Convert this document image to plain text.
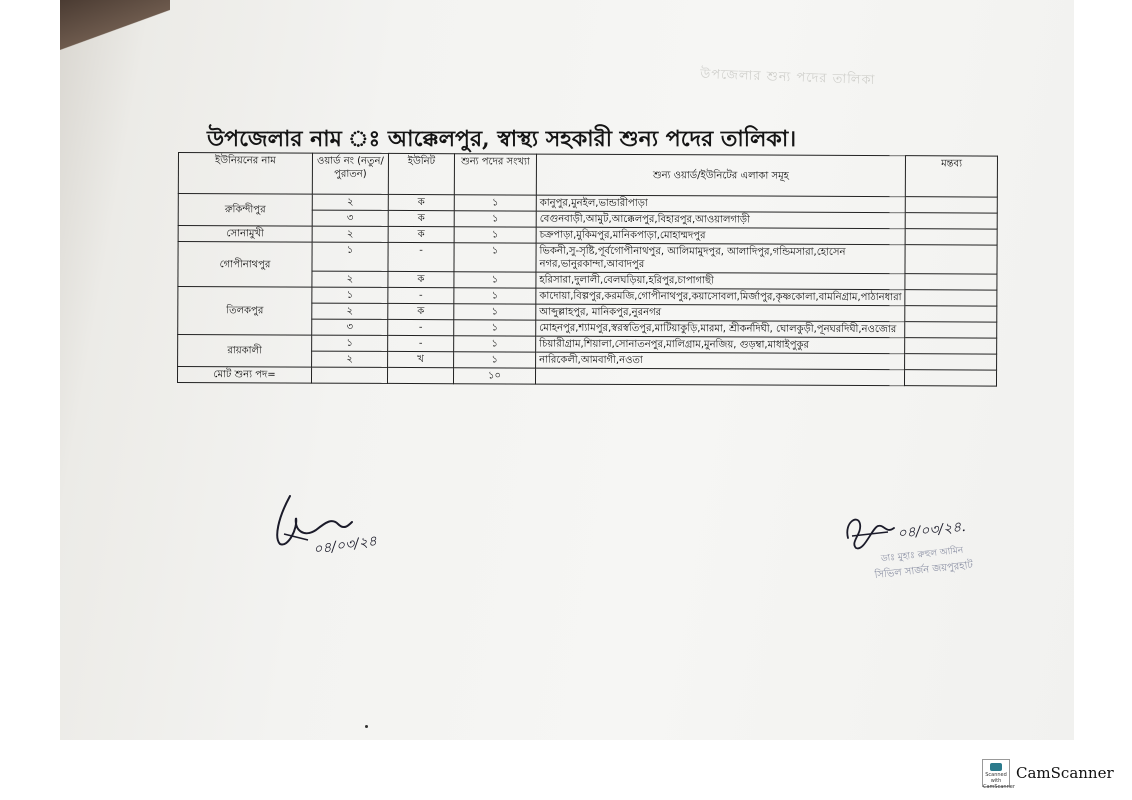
উপজেলার শুন্য পদের তালিকা
উপজেলার নাম ঃ আক্কেলপুর, স্বাস্থ্য সহকারী শুন্য পদের তালিকা।
ইউনিয়নের নাম	ওয়ার্ড নং (নতুন/পুরাতন)	ইউনিট	শুন্য পদের সংখ্যা	শুন্য ওয়ার্ড/ইউনিটের এলাকা সমূহ	মন্তব্য
রুকিন্দীপুর	২	ক	১	কানুপুর,মুনইল,ভান্ডারীপাড়া	
	৩	ক	১	বেগুনবাড়ী,আমুট,আক্কেলপুর,বিহারপুর,আওয়ালগাড়ী	
সোনামুখী	২	ক	১	চক্রপাড়া,মুকিমপুর,মানিকপাড়া,মোহাম্মদপুর	
গোপীনাথপুর	১	-	১	ভিকনী,সু-সৃষ্টি,পূর্বগোপীনাথপুর, আলিমামুদপুর, আলাদিপুর,গন্ডিমসারা,হোসেন নগর,ভানুরকান্দা,আবাদপুর	
	২	ক	১	হরিসারা,দুলালী,বেলঘড়িয়া,হরিপুর,চাপাগাছী	
তিলকপুর	১	-	১	কাদোয়া,বিল্পপুর,করমজি,গোপীনাথপুর,কয়াসোবলা,মির্জাপুর,কৃষ্ণকোলা,বামনিগ্রাম,পাঠানধারা	
	২	ক	১	আব্দুল্লাহপুর, মানিকপুর,নুরনগর	
	৩	-	১	মোহনপুর,শ্যামপুর,স্বরস্বতিপুর,মাটিয়াকুড়ি,মারমা, শ্রীকর্নদিঘী, ঘোলকুড়ী,পূনঘরদিঘী,নওজোর	
রায়কালী	১	-	১	চিয়ারীগ্রাম,শিয়ালা,সোনাতনপুর,মালিগ্রাম,মুনজিয়, গুড়ম্বা,মাধাইপুকুর	
	২	খ	১	নারিকেলী,আমবাগী,নওতা	
মোট শুন্য পদ=			১০		
০৪/০৩/২৪
০৪/০৩/২৪.
ডাঃ মুহাঃ রুহুল আমিন
সিভিল সার্জন জয়পুরহাট
Scanned with CamScanner
CamScanner
